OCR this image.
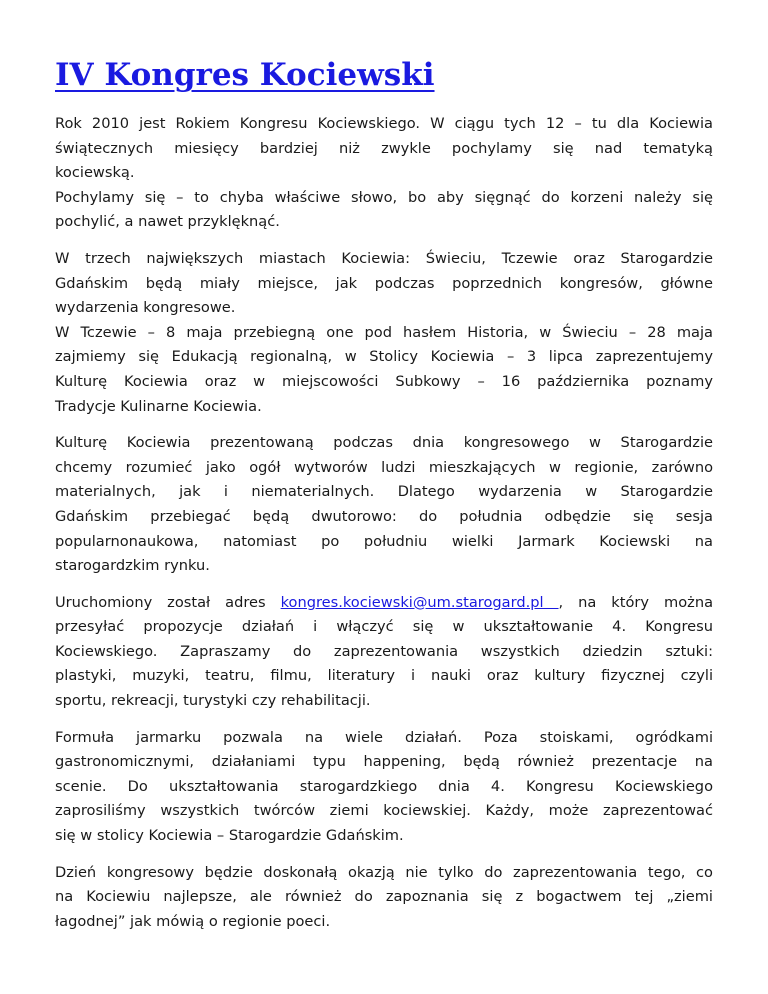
IV Kongres Kociewski

Rok 2010 jest Rokiem Kongresu Kociewskiego. W ciągu tych 12 – tu dla Kociewia
świątecznych miesięcy bardziej niż zwykle pochylamy się nad tematyką
kociewską.
Pochylamy się – to chyba właściwe słowo, bo aby sięgnąć do korzeni należy się
pochylić, a nawet przyklęknąć.

W trzech największych miastach Kociewia: Świeciu, Tczewie oraz Starogardzie
Gdańskim będą miały miejsce, jak podczas poprzednich kongresów, główne
wydarzenia kongresowe.
W Tczewie – 8 maja przebiegną one pod hasłem Historia, w Świeciu – 28 maja
zajmiemy się Edukacją regionalną, w Stolicy Kociewia – 3 lipca zaprezentujemy
Kulturę Kociewia oraz w miejscowości Subkowy – 16 października poznamy
Tradycje Kulinarne Kociewia.

Kulturę Kociewia prezentowaną podczas dnia kongresowego w Starogardzie
chcemy rozumieć jako ogół wytworów ludzi mieszkających w regionie, zarówno
materialnych, jak i niematerialnych. Dlatego wydarzenia w Starogardzie
Gdańskim przebiegać będą dwutorowo: do południa odbędzie się sesja
popularnonaukowa, natomiast po południu wielki Jarmark Kociewski na
starogardzkim rynku.

Uruchomiony został adres kongres.kociewski@um.starogard.pl , na który można
przesyłać propozycje działań i włączyć się w ukształtowanie 4. Kongresu
Kociewskiego. Zapraszamy do zaprezentowania wszystkich dziedzin sztuki:
plastyki, muzyki, teatru, filmu, literatury i nauki oraz kultury fizycznej czyli
sportu, rekreacji, turystyki czy rehabilitacji.

Formuła jarmarku pozwala na wiele działań. Poza stoiskami, ogródkami
gastronomicznymi, działaniami typu happening, będą również prezentacje na
scenie. Do ukształtowania starogardzkiego dnia 4. Kongresu Kociewskiego
zaprosiliśmy wszystkich twórców ziemi kociewskiej. Każdy, może zaprezentować
się w stolicy Kociewia – Starogardzie Gdańskim.

Dzień kongresowy będzie doskonałą okazją nie tylko do zaprezentowania tego, co
na Kociewiu najlepsze, ale również do zapoznania się z bogactwem tej „ziemi
łagodnej” jak mówią o regionie poeci.
